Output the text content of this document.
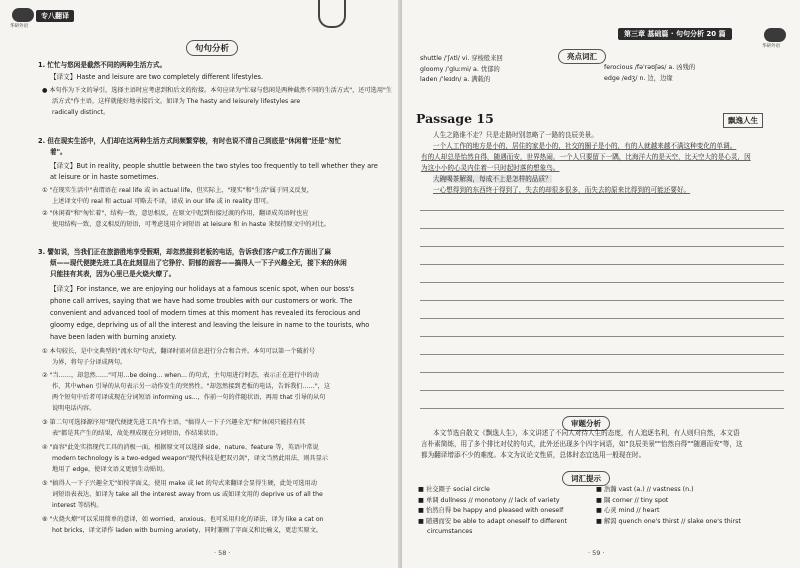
华研外语
专八翻译
句句分析
1. 忙忙与悠闲是截然不同的两种生活方式。
【译文】Haste and leisure are two completely different lifestyles.
● 本句作为下文的导引，选择主语时应考虑到和后文的衔接。本句应译为"忙碌与悠闲是两种截然不同的生活方式"，还可选用"生
活方式"作主语，这样就能好地承接后文。如译为 The hasty and leisurely lifestyles are
radically distinct。
2. 但在现实生活中，人们却在这两种生活方式间频繁穿梭，有时也说不清自己到底是"休闲着"还是"匆忙
着"。
【译文】But in reality, people shuttle between the two styles too frequently to tell whether they are
at leisure or in haste sometimes.
① "在现实生活中"表谓语在 real life 或 in actual life，但实际上，"现实"和"生活"属于同义反复，
上述译文中的 real 和 actual 可略去不译，译成 in our life 或 in reality 即可。
② "休闲着"和"匆忙着"，结构一致，意思相反，在原文中起到衔接过渡的作用，翻译成英语时也应
使用结构一致、意义相反的短语，可考虑选用介词短语 at leisure 和 in haste 来保持原文中的对比。
3. 譬如说，当我们正在旅游胜地享受假期，却忽然接到老板的电话，告诉我们客户或工作方面出了麻
烦——现代便捷先进工具在此刻显出了它狰狞、阴郁的面容——搞得人一下子兴趣全无，接下来的休闲
只能挂有其表，因为心里已是火烧火燎了。
【译文】For instance, we are enjoying our holidays at a famous scenic spot, when our boss's
phone call arrives, saying that we have had some troubles with our customers or work. The
convenient and advanced tool of modern times at this moment has revealed its ferocious and
gloomy edge, depriving us of all the interest and leaving the leisure in name to the tourists, who
have been laden with burning anxiety.
① 本句较长，是中文典型的"流水句"句式，翻译时需对信息进行分合和合并。本句可以第一个破折号
为界，将句子分译成两句。
② "当……，却忽然……"可用…be doing... when... 的句式，主句用进行时态，表示正在进行中的动
作，其中when 引导的从句表示另一动作发生的突然性。"却忽然接到老板的电话，告诉我们……"，这
两个短句中后者可译成现在分词短语 informing us...，作前一句的伴随状语，再用 that 引导的从句
说明电话内容。
③ 第二句可选择源序用"现代便捷先进工具"作主语，"搞得人一下子兴趣全无"和"休闲只能挂有其
表"都是其产生的结果，故处理成现在分词短语，作结果状语。
④ "面容"此处实指现代工具的消极一面，根据原文可以选择 side、nature、feature 等，英语中常说
modern technology is a two-edged weapon"现代科技是把双刃剑"，译文当然此用法，则具显示
地用了 edge，使译文语义更加生动贴切。
⑤ "搞得人一下子兴趣全无"如按字面义，使用 make 或 let 的句式来翻译会显得生硬，此处可选用动
词短语表表达，如译为 take all the interest away from us 或如译文用的 deprive us of all the
interest 等结构。
⑥ "火烧火燎"可以采用简单的意译，如 worried、anxious。也可采用归化的译法，译为 like a cat on
hot bricks，译文译作 laden with burning anxiety，同时兼顾了字面义和比喻义，更忠实原文。
· 58 ·
第三章 基础篇 · 句句分析 20 篇
华研外语
shuttle /ˈʃʌtl/ vi. 穿梭般来回
gloomy /ˈɡluːmi/ a. 忧郁的
laden /ˈleɪdn/ a. 满载的
亮点词汇
ferocious /fəˈrəʊʃəs/ a. 凶残的
edge /edʒ/ n. 边，边缘
Passage 15	飘逸人生
人生之路谁不走？只是走路时别忽略了一路的良辰美景。
一个人工作的地方是小的，居住的家是小的，社交的圈子是小的，有的人就越来越不满这种变化的单调。
有的人却总是怡然自得，随遇而安，世界热闹，一个人只要留下一隅，比海洋大的是天空，比天空大的是心灵，因
为这小小的心灵内住着一只时起时落的想象鸟。
大碗喝茶解渴，每成不上是怎样的品质？
一心想得到的东西终于得到了，失去的却很多很多，而失去的原来比得到的可能还要好。
审题分析
本文节选自散文《飘逸人生》，本文讲述了不同人对待人生的态度，有人追逐名利，有人则归自然，本文语
言朴素简练，用了多个排比对仗的句式，此外还出现多个四字词语，如"良辰美景""怡然自得""随遇而安"等，这
都为翻译增添不少的难度。本文为议论文性质，总体时态宜选用一般现在时。
词汇提示
■ 社交圈子 social circle
■ 单调 dullness // monotony // lack of variety
■ 怡然自得 be happy and pleased with oneself
■ 随遇而安 be able to adapt oneself to different
circumstances
■ 浩瀚 vast (a.) // vastness (n.)
■ 隅 corner // tiny spot
■ 心灵 mind // heart
■ 解渴 quench one's thirst // slake one's thirst
· 59 ·
